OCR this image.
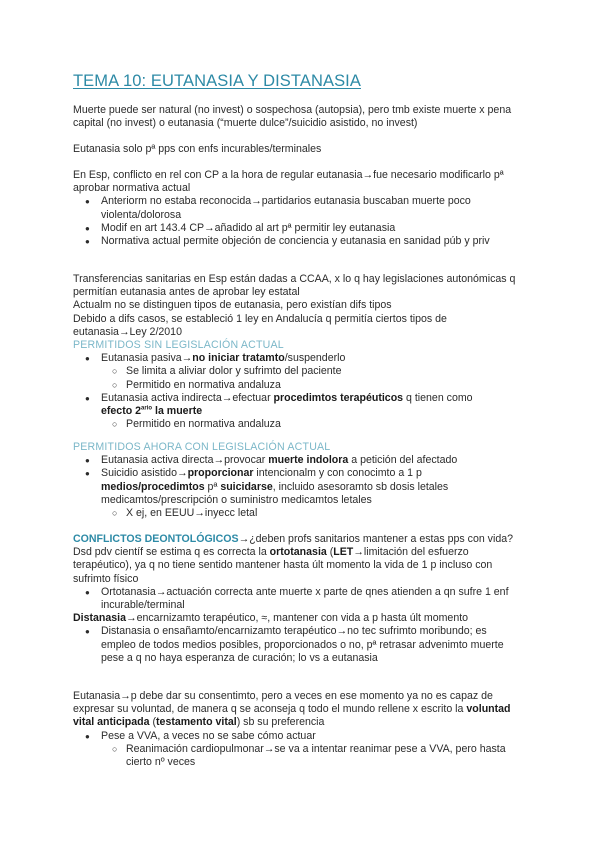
TEMA 10: EUTANASIA Y DISTANASIA

Muerte puede ser natural (no invest) o sospechosa (autopsia), pero tmb existe muerte x pena capital (no invest) o eutanasia (“muerte dulce”/suicidio asistido, no invest)

Eutanasia solo pª pps con enfs incurables/terminales

En Esp, conflicto en rel con CP a la hora de regular eutanasia→fue necesario modificarlo pª aprobar normativa actual

● Anteriorm no estaba reconocida→partidarios eutanasia buscaban muerte poco violenta/dolorosa
● Modif en art 143.4 CP→añadido al art pª permitir ley eutanasia
● Normativa actual permite objeción de conciencia y eutanasia en sanidad púb y priv

Transferencias sanitarias en Esp están dadas a CCAA, x lo q hay legislaciones autonómicas q permitían eutanasia antes de aprobar ley estatal

Actualm no se distinguen tipos de eutanasia, pero existían difs tipos

Debido a difs casos, se estableció 1 ley en Andalucía q permitía ciertos tipos de eutanasia→Ley 2/2010

PERMITIDOS SIN LEGISLACIÓN ACTUAL

● Eutanasia pasiva→no iniciar tratamto/suspenderlo
○ Se limita a aliviar dolor y sufrimto del paciente
○ Permitido en normativa andaluza
● Eutanasia activa indirecta→efectuar procedimtos terapéuticos q tienen como
efecto $2^{ario}$ la muerte
○ Permitido en normativa andaluza

PERMITIDOS AHORA CON LEGISLACIÓN ACTUAL

● Eutanasia activa directa→provocar muerte indolora a petición del afectado
● Suicidio asistido→proporcionar intencionalm y con conocimto a 1 p
medios/procedimtos pª suicidarse, incluido asesoramto sb dosis letales medicamtos/prescripción o suministro medicamtos letales
○ X ej, en EEUU→inyecc letal

CONFLICTOS DEONTOLÓGICOS→¿deben profs sanitarios mantener a estas pps con vida?

Dsd pdv científ se estima q es correcta la ortotanasia (LET→limitación del esfuerzo terapéutico), ya q no tiene sentido mantener hasta últ momento la vida de 1 p incluso con sufrimto físico

● Ortotanasia→actuación correcta ante muerte x parte de qnes atienden a qn sufre 1 enf incurable/terminal

Distanasia→encarnizamto terapéutico, ≈, mantener con vida a p hasta últ momento

● Distanasia o ensañamto/encarnizamto terapéutico→no tec sufrimto moribundo; es empleo de todos medios posibles, proporcionados o no, pª retrasar advenimto muerte pese a q no haya esperanza de curación; lo vs a eutanasia

Eutanasia→p debe dar su consentimto, pero a veces en ese momento ya no es capaz de expresar su voluntad, de manera q se aconseja q todo el mundo rellene x escrito la voluntad vital anticipada (testamento vital) sb su preferencia

● Pese a VVA, a veces no se sabe cómo actuar
○ Reanimación cardiopulmonar→se va a intentar reanimar pese a VVA, pero hasta cierto nº veces
